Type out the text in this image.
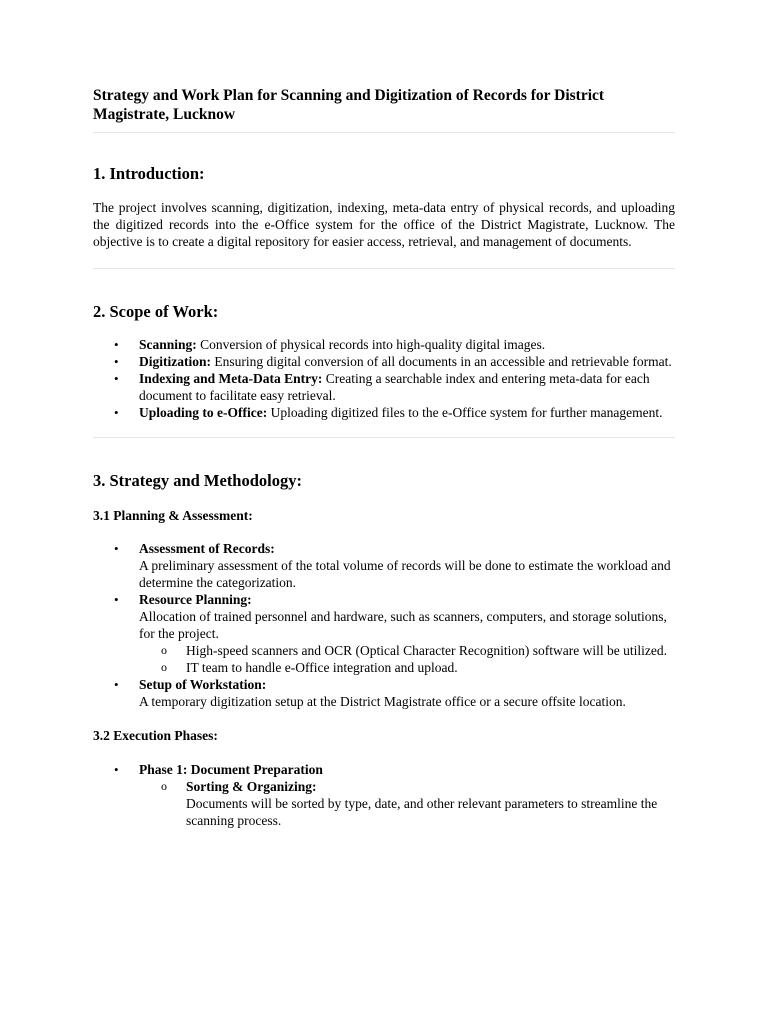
Strategy and Work Plan for Scanning and Digitization of Records for District Magistrate, Lucknow

1. Introduction:

The project involves scanning, digitization, indexing, meta-data entry of physical records, and uploading the digitized records into the e-Office system for the office of the District Magistrate, Lucknow. The objective is to create a digital repository for easier access, retrieval, and management of documents.

2. Scope of Work:
• Scanning: Conversion of physical records into high-quality digital images.
• Digitization: Ensuring digital conversion of all documents in an accessible and retrievable format.
• Indexing and Meta-Data Entry: Creating a searchable index and entering meta-data for each document to facilitate easy retrieval.
• Uploading to e-Office: Uploading digitized files to the e-Office system for further management.
3. Strategy and Methodology:
3.1 Planning & Assessment:
• Assessment of Records:
A preliminary assessment of the total volume of records will be done to estimate the workload and determine the categorization.
• Resource Planning:
Allocation of trained personnel and hardware, such as scanners, computers, and storage solutions, for the project.
o High-speed scanners and OCR (Optical Character Recognition) software will be utilized.
o IT team to handle e-Office integration and upload.
• Setup of Workstation:
A temporary digitization setup at the District Magistrate office or a secure offsite location.
3.2 Execution Phases:
• Phase 1: Document Preparation
o Sorting & Organizing:
Documents will be sorted by type, date, and other relevant parameters to streamline the scanning process.
